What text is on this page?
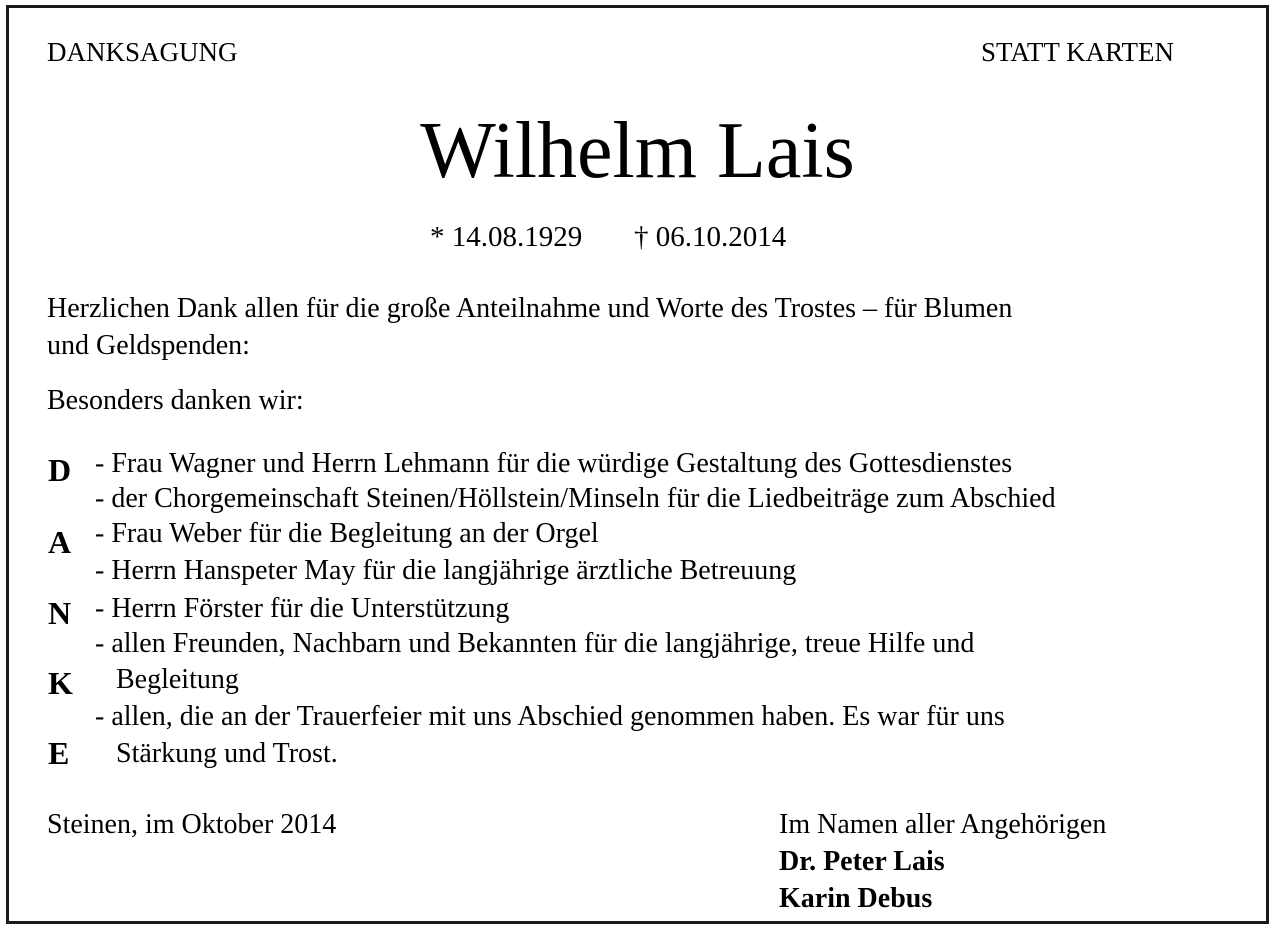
DANKSAGUNG	STATT KARTEN
Wilhelm Lais
* 14.08.1929 † 06.10.2014
Herzlichen Dank allen für die große Anteilnahme und Worte des Trostes – für Blumen
und Geldspenden:
Besonders danken wir:
D
A
N
K
E
- Frau Wagner und Herrn Lehmann für die würdige Gestaltung des Gottesdienstes
- der Chorgemeinschaft Steinen/Höllstein/Minseln für die Liedbeiträge zum Abschied
- Frau Weber für die Begleitung an der Orgel
- Herrn Hanspeter May für die langjährige ärztliche Betreuung
- Herrn Förster für die Unterstützung
- allen Freunden, Nachbarn und Bekannten für die langjährige, treue Hilfe und
Begleitung
- allen, die an der Trauerfeier mit uns Abschied genommen haben. Es war für uns
Stärkung und Trost.
Steinen, im Oktober 2014	Im Namen aller Angehörigen
Dr. Peter Lais
Karin Debus
